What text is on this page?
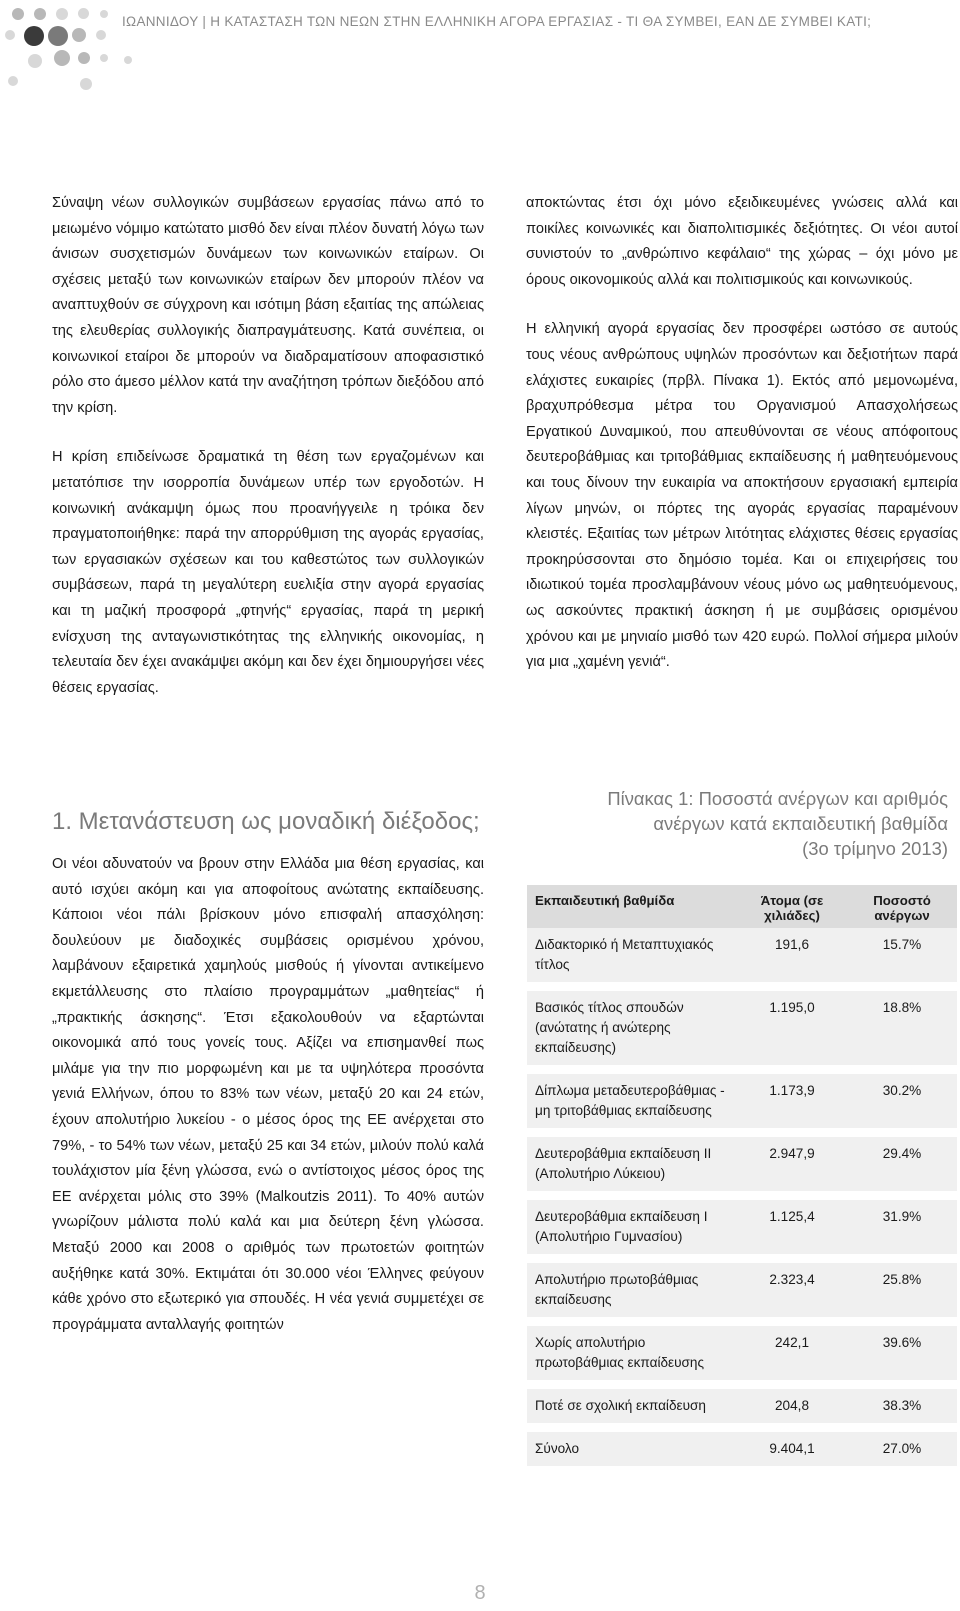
ΙΩΑΝΝΙΔΟΥ | Η ΚΑΤΑΣΤΑΣΗ ΤΩΝ ΝΕΩΝ ΣΤΗΝ ΕΛΛΗΝΙΚΗ ΑΓΟΡΑ ΕΡΓΑΣΙΑΣ - ΤΙ ΘΑ ΣΥΜΒΕΙ, ΕΑΝ ΔΕ ΣΥΜΒΕΙ ΚΑΤΙ;

Σύναψη νέων συλλογικών συμβάσεων εργασίας πάνω από το μειωμένο νόμιμο κατώτατο μισθό δεν είναι πλέον δυνατή λόγω των άνισων συσχετισμών δυνάμεων των κοινωνικών εταίρων. Οι σχέσεις μεταξύ των κοινωνικών εταίρων δεν μπορούν πλέον να αναπτυχθούν σε σύγχρονη και ισότιμη βάση εξαιτίας της απώλειας της ελευθερίας συλλογικής διαπραγμάτευσης. Κατά συνέπεια, οι κοινωνικοί εταίροι δε μπορούν να διαδραματίσουν αποφασιστικό ρόλο στο άμεσο μέλλον κατά την αναζήτηση τρόπων διεξόδου από την κρίση.

Η κρίση επιδείνωσε δραματικά τη θέση των εργαζομένων και μετατόπισε την ισορροπία δυνάμεων υπέρ των εργοδοτών. Η κοινωνική ανάκαμψη όμως που προανήγγειλε η τρόικα δεν πραγματοποιήθηκε: παρά την απορρύθμιση της αγοράς εργασίας, των εργασιακών σχέσεων και του καθεστώτος των συλλογικών συμβάσεων, παρά τη μεγαλύτερη ευελιξία στην αγορά εργασίας και τη μαζική προσφορά „φτηνής“ εργασίας, παρά τη μερική ενίσχυση της ανταγωνιστικότητας της ελληνικής οικονομίας, η τελευταία δεν έχει ανακάμψει ακόμη και δεν έχει δημιουργήσει νέες θέσεις εργασίας.

1. Μετανάστευση ως μοναδική διέξοδος;

Οι νέοι αδυνατούν να βρουν στην Ελλάδα μια θέση εργασίας, και αυτό ισχύει ακόμη και για αποφοίτους ανώτατης εκπαίδευσης. Κάποιοι νέοι πάλι βρίσκουν μόνο επισφαλή απασχόληση: δουλεύουν με διαδοχικές συμβάσεις ορισμένου χρόνου, λαμβάνουν εξαιρετικά χαμηλούς μισθούς ή γίνονται αντικείμενο εκμετάλλευσης στο πλαίσιο προγραμμάτων „μαθητείας“ ή „πρακτικής άσκησης“. Έτσι εξακολουθούν να εξαρτώνται οικονομικά από τους γονείς τους. Αξίζει να επισημανθεί πως μιλάμε για την πιο μορφωμένη και με τα υψηλότερα προσόντα γενιά Ελλήνων, όπου το 83% των νέων, μεταξύ 20 και 24 ετών, έχουν απολυτήριο λυκείου - ο μέσος όρος της ΕΕ ανέρχεται στο 79%, - το 54% των νέων, μεταξύ 25 και 34 ετών, μιλούν πολύ καλά τουλάχιστον μία ξένη γλώσσα, ενώ ο αντίστοιχος μέσος όρος της ΕΕ ανέρχεται μόλις στο 39% (Malkoutzis 2011). Το 40% αυτών γνωρίζουν μάλιστα πολύ καλά και μια δεύτερη ξένη γλώσσα. Μεταξύ 2000 και 2008 ο αριθμός των πρωτοετών φοιτητών αυξήθηκε κατά 30%. Εκτιμάται ότι 30.000 νέοι Έλληνες φεύγουν κάθε χρόνο στο εξωτερικό για σπουδές. Η νέα γενιά συμμετέχει σε προγράμματα ανταλλαγής φοιτητών

αποκτώντας έτσι όχι μόνο εξειδικευμένες γνώσεις αλλά και ποικίλες κοινωνικές και διαπολιτισμικές δεξιότητες. Οι νέοι αυτοί συνιστούν το „ανθρώπινο κεφάλαιο“ της χώρας – όχι μόνο με όρους οικονομικούς αλλά και πολιτισμικούς και κοινωνικούς.

Η ελληνική αγορά εργασίας δεν προσφέρει ωστόσο σε αυτούς τους νέους ανθρώπους υψηλών προσόντων και δεξιοτήτων παρά ελάχιστες ευκαιρίες (πρβλ. Πίνακα 1). Εκτός από μεμονωμένα, βραχυπρόθεσμα μέτρα του Οργανισμού Απασχολήσεως Εργατικού Δυναμικού, που απευθύνονται σε νέους απόφοιτους δευτεροβάθμιας και τριτοβάθμιας εκπαίδευσης ή μαθητευόμενους και τους δίνουν την ευκαιρία να αποκτήσουν εργασιακή εμπειρία λίγων μηνών, οι πόρτες της αγοράς εργασίας παραμένουν κλειστές. Εξαιτίας των μέτρων λιτότητας ελάχιστες θέσεις εργασίας προκηρύσσονται στο δημόσιο τομέα. Και οι επιχειρήσεις του ιδιωτικού τομέα προσλαμβάνουν νέους μόνο ως μαθητευόμενους, ως ασκούντες πρακτική άσκηση ή με συμβάσεις ορισμένου χρόνου και με μηνιαίο μισθό των 420 ευρώ. Πολλοί σήμερα μιλούν για μια „χαμένη γενιά“.

Πίνακας 1: Ποσοστά ανέργων και αριθμός
ανέργων κατά εκπαιδευτική βαθμίδα
(3ο τρίμηνο 2013)
Εκπαιδευτική βαθμίδα	Άτομα (σε χιλιάδες)	Ποσοστό ανέργων
Διδακτορικό ή Μεταπτυχιακός τίτλος	191,6	15.7%

Βασικός τίτλος σπουδών (ανώτατης ή ανώτερης εκπαίδευσης)	1.195,0	18.8%

Δίπλωμα μεταδευτεροβάθμιας - μη τριτοβάθμιας εκπαίδευσης	1.173,9	30.2%

Δευτεροβάθμια εκπαίδευση ΙΙ (Απολυτήριο Λύκειου)	2.947,9	29.4%

Δευτεροβάθμια εκπαίδευση Ι (Απολυτήριο Γυμνασίου)	1.125,4	31.9%

Απολυτήριο πρωτοβάθμιας εκπαίδευσης	2.323,4	25.8%

Χωρίς απολυτήριο πρωτοβάθμιας εκπαίδευσης	242,1	39.6%

Ποτέ σε σχολική εκπαίδευση	204,8	38.3%

Σύνολο	9.404,1	27.0%
8
